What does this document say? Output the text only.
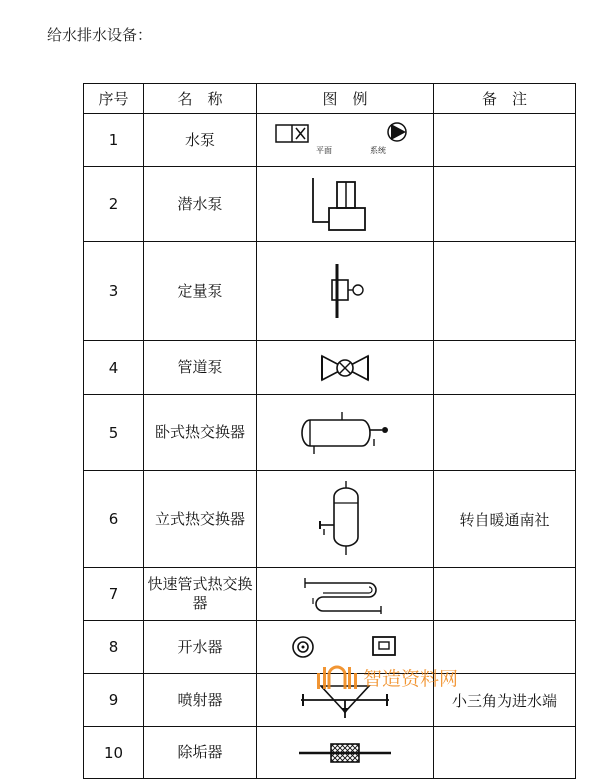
给水排水设备：
序号	名　称	图　例	备　注
1	水泵	平面 系统	

2	潜水泵	

3	定量泵	

4	管道泵	

5	卧式热交换器	

6	立式热交换器		转自暖通南社
7	快速管式热交换器	

8	开水器	

9	喷射器		小三角为进水端
10	除垢器	

智造资料网
